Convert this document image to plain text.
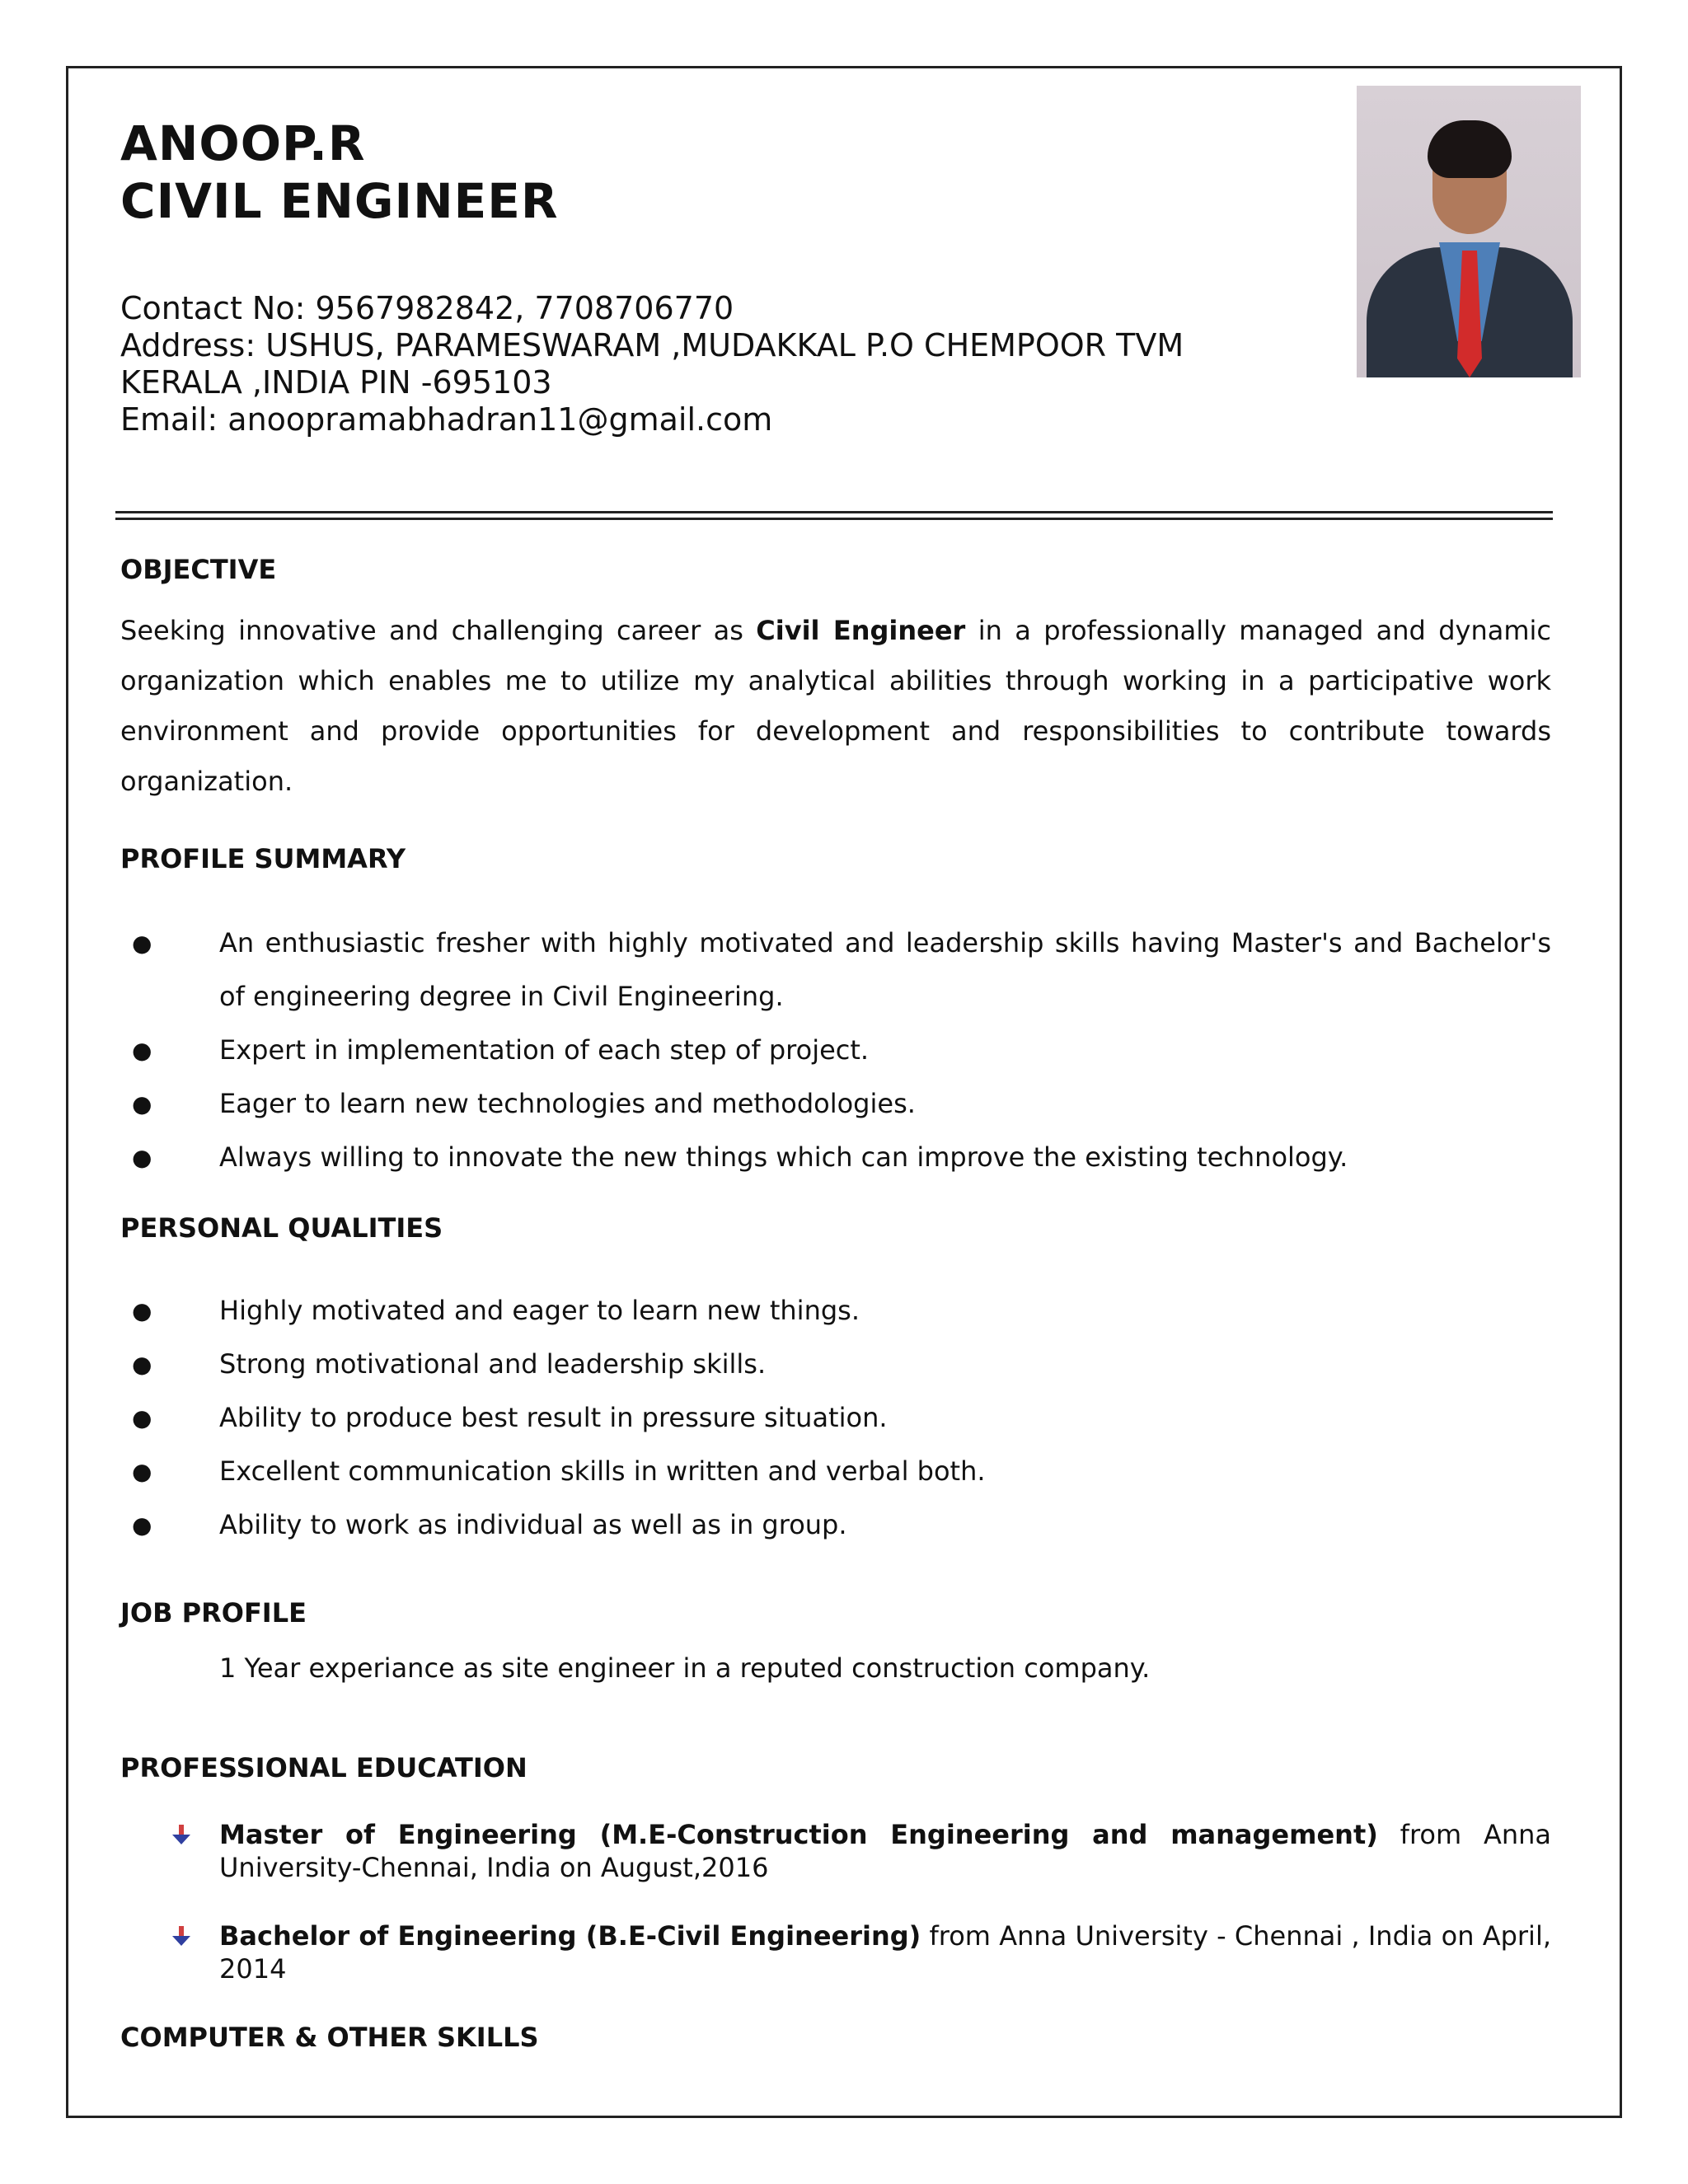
ANOOP.R
CIVIL ENGINEER
Contact No: 9567982842, 7708706770
Address: USHUS, PARAMESWARAM ,MUDAKKAL P.O CHEMPOOR TVM
KERALA ,INDIA PIN -695103
Email: anoopramabhadran11@gmail.com
OBJECTIVE

Seeking innovative and challenging career as Civil Engineer in a professionally managed and dynamic organization which enables me to utilize my analytical abilities through working in a participative work environment and provide opportunities for development and responsibilities to contribute towards organization.

PROFILE SUMMARY
●	An enthusiastic fresher with highly motivated and leadership skills having Master's and Bachelor's of engineering degree in Civil Engineering.
●	Expert in implementation of each step of project.
●	Eager to learn new technologies and methodologies.
●	Always willing to innovate the new things which can improve the existing technology.
PERSONAL QUALITIES
●	Highly motivated and eager to learn new things.
●	Strong motivational and leadership skills.
●	Ability to produce best result in pressure situation.
●	Excellent communication skills in written and verbal both.
●	Ability to work as individual as well as in group.
JOB PROFILE
1 Year experiance as site engineer in a reputed construction company.
PROFESSIONAL EDUCATION
Master of Engineering (M.E-Construction Engineering and management) from Anna University-Chennai, India on August,2016
Bachelor of Engineering (B.E-Civil Engineering) from Anna University - Chennai , India on April, 2014
COMPUTER & OTHER SKILLS
